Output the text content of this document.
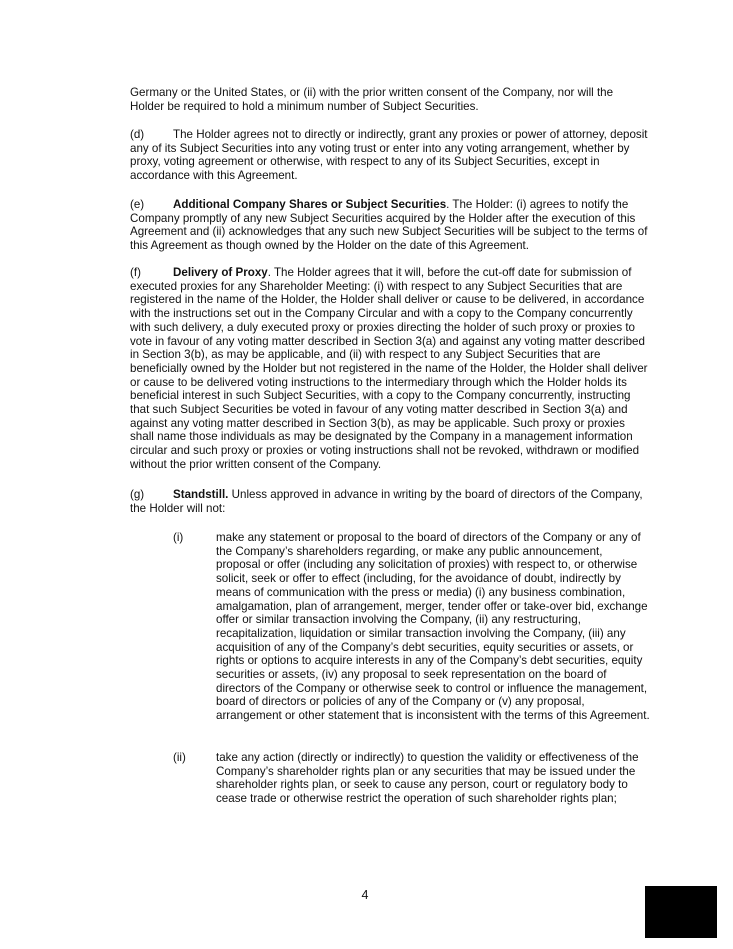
Germany or the United States, or (ii) with the prior written consent of the Company, nor will the Holder be required to hold a minimum number of Subject Securities.

(d) The Holder agrees not to directly or indirectly, grant any proxies or power of attorney, deposit any of its Subject Securities into any voting trust or enter into any voting arrangement, whether by proxy, voting agreement or otherwise, with respect to any of its Subject Securities, except in accordance with this Agreement.

(e) Additional Company Shares or Subject Securities. The Holder: (i) agrees to notify the Company promptly of any new Subject Securities acquired by the Holder after the execution of this Agreement and (ii) acknowledges that any such new Subject Securities will be subject to the terms of this Agreement as though owned by the Holder on the date of this Agreement.

(f)	Delivery of Proxy. The Holder agrees that it will, before the cut-off date for submission of executed proxies for any Shareholder Meeting: (i) with respect to any Subject Securities that are registered in the name of the Holder, the Holder shall deliver or cause to be delivered, in accordance with the instructions set out in the Company Circular and with a copy to the Company concurrently with such delivery, a duly executed proxy or proxies directing the holder of such proxy or proxies to vote in favour of any voting matter described in Section 3(a) and against any voting matter described in Section 3(b), as may be applicable, and (ii) with respect to any Subject Securities that are beneficially owned by the Holder but not registered in the name of the Holder, the Holder shall deliver or cause to be delivered voting instructions to the intermediary through which the Holder holds its beneficial interest in such Subject Securities, with a copy to the Company concurrently, instructing that such Subject Securities be voted in favour of any voting matter described in Section 3(a) and against any voting matter described in Section 3(b), as may be applicable. Such proxy or proxies shall name those individuals as may be designated by the Company in a management information circular and such proxy or proxies or voting instructions shall not be revoked, withdrawn or modified without the prior written consent of the Company.

(g) Standstill. Unless approved in advance in writing by the board of directors of the Company, the Holder will not:

(i)	make any statement or proposal to the board of directors of the Company or any of the Company’s shareholders regarding, or make any public announcement, proposal or offer (including any solicitation of proxies) with respect to, or otherwise solicit, seek or offer to effect (including, for the avoidance of doubt, indirectly by means of communication with the press or media) (i) any business combination, amalgamation, plan of arrangement, merger, tender offer or take-over bid, exchange offer or similar transaction involving the Company, (ii) any restructuring, recapitalization, liquidation or similar transaction involving the Company, (iii) any acquisition of any of the Company’s debt securities, equity securities or assets, or rights or options to acquire interests in any of the Company’s debt securities, equity securities or assets, (iv) any proposal to seek representation on the board of directors of the Company or otherwise seek to control or influence the management, board of directors or policies of any of the Company or (v) any proposal, arrangement or other statement that is inconsistent with the terms of this Agreement.

(ii)	take any action (directly or indirectly) to question the validity or effectiveness of the Company’s shareholder rights plan or any securities that may be issued under the shareholder rights plan, or seek to cause any person, court or regulatory body to cease trade or otherwise restrict the operation of such shareholder rights plan;

4
